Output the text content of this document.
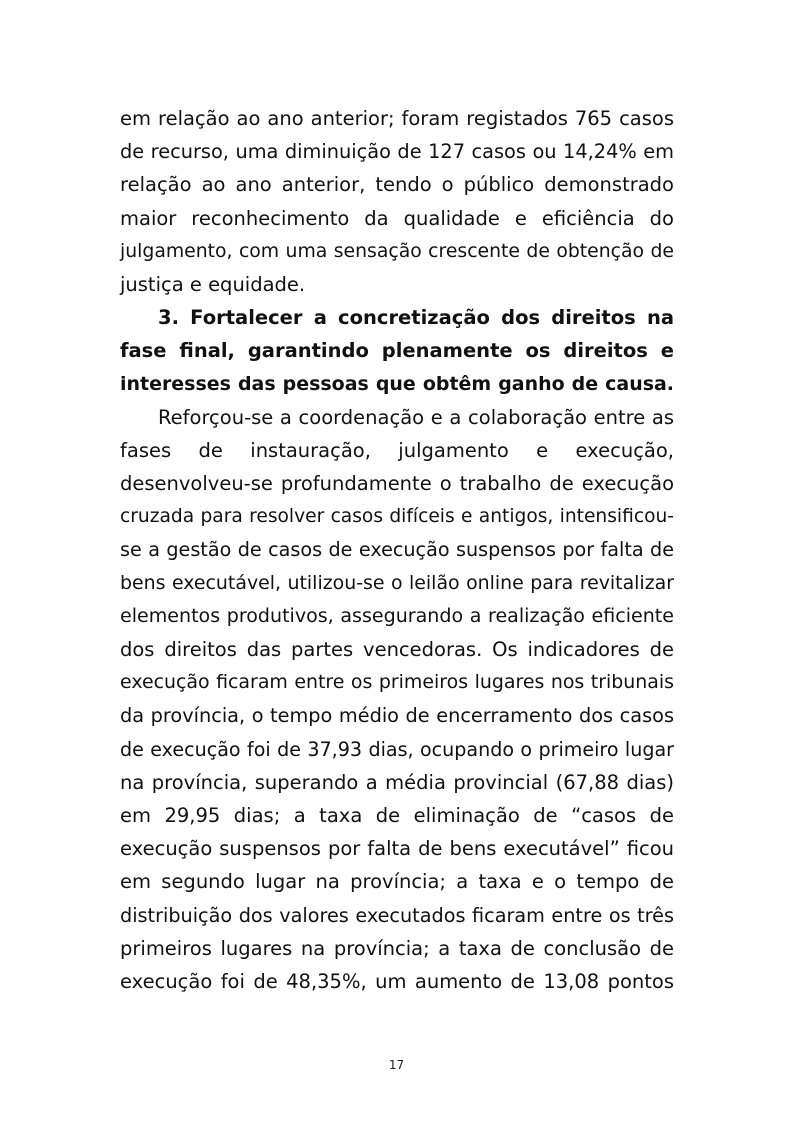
em relação ao ano anterior; foram registados 765 casos
de recurso, uma diminuição de 127 casos ou 14,24% em
relação ao ano anterior, tendo o público demonstrado
maior reconhecimento da qualidade e eficiência do
julgamento, com uma sensação crescente de obtenção de
justiça e equidade.
3. Fortalecer a concretização dos direitos na
fase final, garantindo plenamente os direitos e
interesses das pessoas que obtêm ganho de causa.
Reforçou-se a coordenação e a colaboração entre as
fases de instauração, julgamento e execução,
desenvolveu-se profundamente o trabalho de execução
cruzada para resolver casos difíceis e antigos, intensificou-
se a gestão de casos de execução suspensos por falta de
bens executável, utilizou-se o leilão online para revitalizar
elementos produtivos, assegurando a realização eficiente
dos direitos das partes vencedoras. Os indicadores de
execução ficaram entre os primeiros lugares nos tribunais
da província, o tempo médio de encerramento dos casos
de execução foi de 37,93 dias, ocupando o primeiro lugar
na província, superando a média provincial (67,88 dias)
em 29,95 dias; a taxa de eliminação de “casos de
execução suspensos por falta de bens executável” ficou
em segundo lugar na província; a taxa e o tempo de
distribuição dos valores executados ficaram entre os três
primeiros lugares na província; a taxa de conclusão de
execução foi de 48,35%, um aumento de 13,08 pontos
17
